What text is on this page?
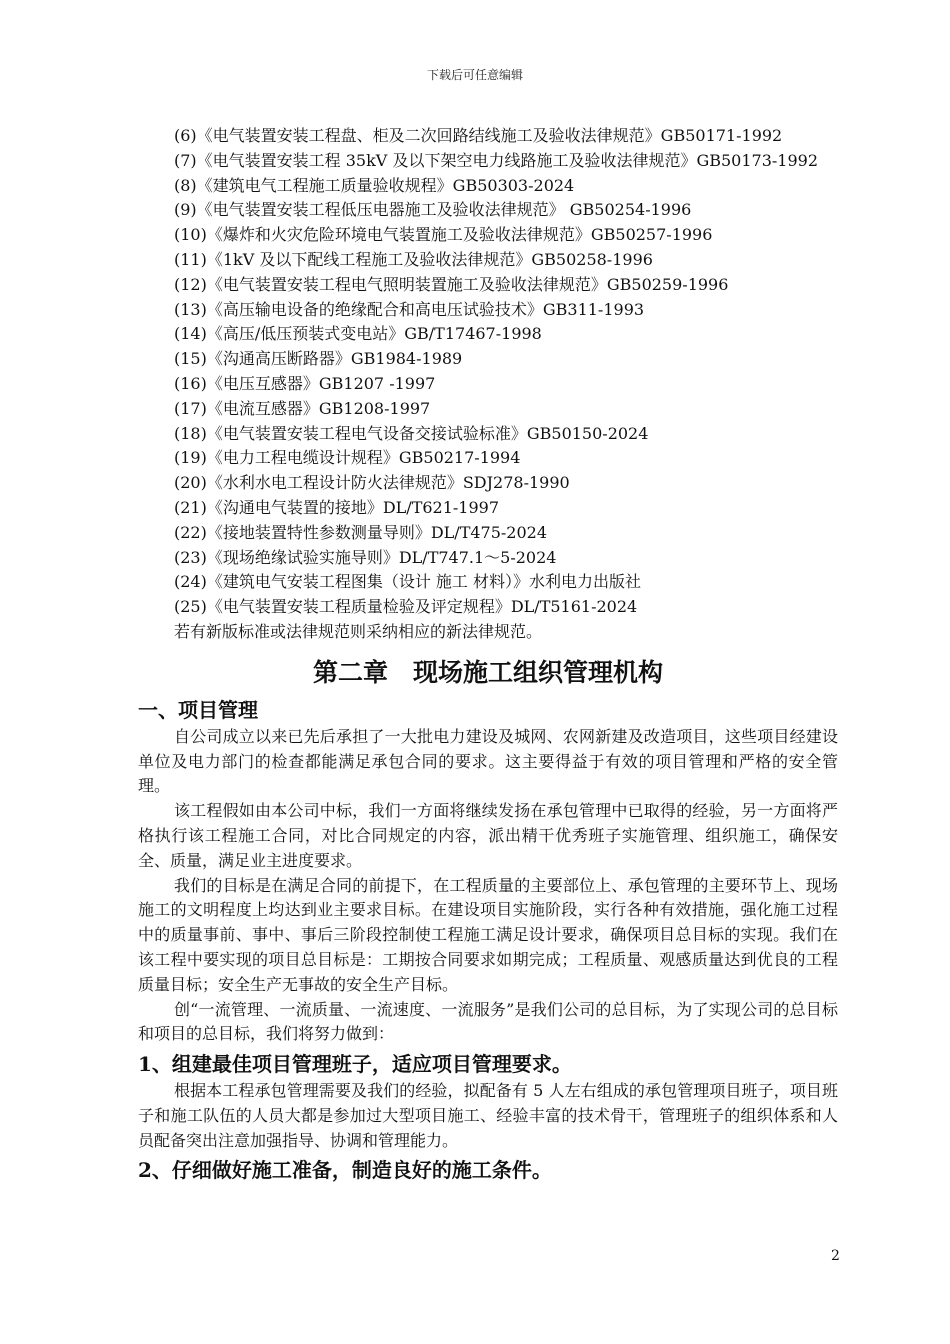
下载后可任意编辑
(6)《电气装置安装工程盘、柜及二次回路结线施工及验收法律规范》GB50171-1992
(7)《电气装置安装工程 35kV 及以下架空电力线路施工及验收法律规范》GB50173-1992
(8)《建筑电气工程施工质量验收规程》GB50303-2024
(9)《电气装置安装工程低压电器施工及验收法律规范》 GB50254-1996
(10)《爆炸和火灾危险环境电气装置施工及验收法律规范》GB50257-1996
(11)《1kV 及以下配线工程施工及验收法律规范》GB50258-1996
(12)《电气装置安装工程电气照明装置施工及验收法律规范》GB50259-1996
(13)《高压输电设备的绝缘配合和高电压试验技术》GB311-1993
(14)《高压/低压预装式变电站》GB/T17467-1998
(15)《沟通高压断路器》GB1984-1989
(16)《电压互感器》GB1207 -1997
(17)《电流互感器》GB1208-1997
(18)《电气装置安装工程电气设备交接试验标准》GB50150-2024
(19)《电力工程电缆设计规程》GB50217-1994
(20)《水利水电工程设计防火法律规范》SDJ278-1990
(21)《沟通电气装置的接地》DL/T621-1997
(22)《接地装置特性参数测量导则》DL/T475-2024
(23)《现场绝缘试验实施导则》DL/T747.1～5-2024
(24)《建筑电气安装工程图集（设计 施工 材料）》水利电力出版社
(25)《电气装置安装工程质量检验及评定规程》DL/T5161-2024
若有新版标准或法律规范则采纳相应的新法律规范。
第二章　现场施工组织管理机构
一、项目管理

自公司成立以来已先后承担了一大批电力建设及城网、农网新建及改造项目，这些项目经建设单位及电力部门的检查都能满足承包合同的要求。这主要得益于有效的项目管理和严格的安全管理。

该工程假如由本公司中标，我们一方面将继续发扬在承包管理中已取得的经验，另一方面将严格执行该工程施工合同，对比合同规定的内容，派出精干优秀班子实施管理、组织施工，确保安全、质量，满足业主进度要求。

我们的目标是在满足合同的前提下，在工程质量的主要部位上、承包管理的主要环节上、现场施工的文明程度上均达到业主要求目标。在建设项目实施阶段，实行各种有效措施，强化施工过程中的质量事前、事中、事后三阶段控制使工程施工满足设计要求，确保项目总目标的实现。我们在该工程中要实现的项目总目标是：工期按合同要求如期完成；工程质量、观感质量达到优良的工程质量目标；安全生产无事故的安全生产目标。

创“一流管理、一流质量、一流速度、一流服务”是我们公司的总目标，为了实现公司的总目标和项目的总目标，我们将努力做到：

1、组建最佳项目管理班子，适应项目管理要求。

根据本工程承包管理需要及我们的经验，拟配备有 5 人左右组成的承包管理项目班子，项目班子和施工队伍的人员大都是参加过大型项目施工、经验丰富的技术骨干，管理班子的组织体系和人员配备突出注意加强指导、协调和管理能力。

2、仔细做好施工准备，制造良好的施工条件。
2
